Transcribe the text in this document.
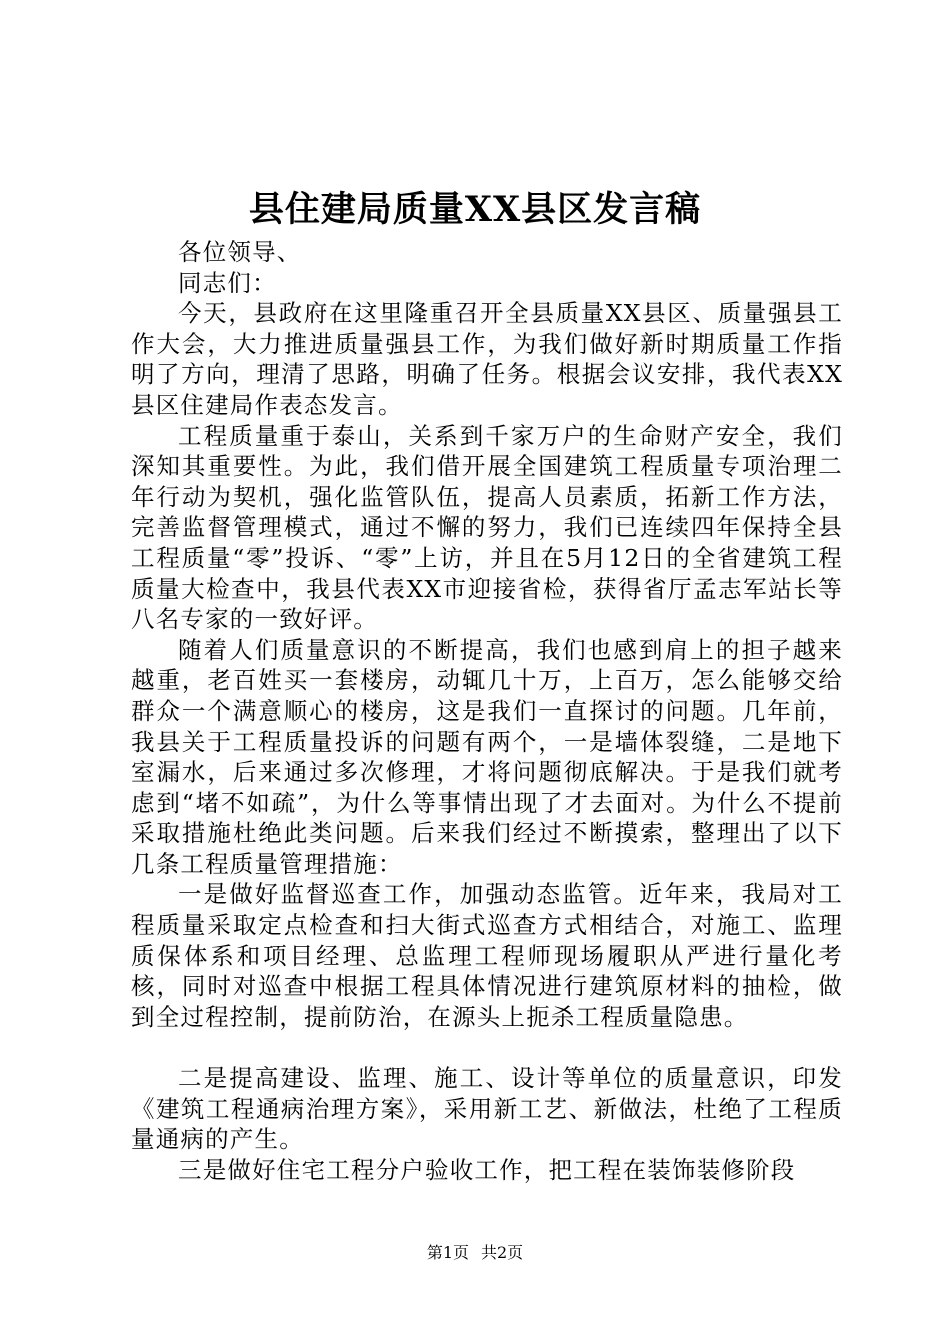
县住建局质量XX县区发言稿

各位领导、

同志们：

今天，县政府在这里隆重召开全县质量XX县区、质量强县工作大会，大力推进质量强县工作，为我们做好新时期质量工作指明了方向，理清了思路，明确了任务。根据会议安排，我代表XX县区住建局作表态发言。

工程质量重于泰山，关系到千家万户的生命财产安全，我们深知其重要性。为此，我们借开展全国建筑工程质量专项治理二年行动为契机，强化监管队伍，提高人员素质，拓新工作方法，完善监督管理模式，通过不懈的努力，我们已连续四年保持全县工程质量“零”投诉、“零”上访，并且在5月12日的全省建筑工程质量大检查中，我县代表XX市迎接省检，获得省厅孟志军站长等八名专家的一致好评。

随着人们质量意识的不断提高，我们也感到肩上的担子越来越重，老百姓买一套楼房，动辄几十万，上百万，怎么能够交给群众一个满意顺心的楼房，这是我们一直探讨的问题。几年前，我县关于工程质量投诉的问题有两个，一是墙体裂缝，二是地下室漏水，后来通过多次修理，才将问题彻底解决。于是我们就考虑到“堵不如疏”，为什么等事情出现了才去面对。为什么不提前采取措施杜绝此类问题。后来我们经过不断摸索，整理出了以下几条工程质量管理措施：

一是做好监督巡查工作，加强动态监管。近年来，我局对工程质量采取定点检查和扫大街式巡查方式相结合，对施工、监理质保体系和项目经理、总监理工程师现场履职从严进行量化考核，同时对巡查中根据工程具体情况进行建筑原材料的抽检，做到全过程控制，提前防治，在源头上扼杀工程质量隐患。

二是提高建设、监理、施工、设计等单位的质量意识，印发《建筑工程通病治理方案》，采用新工艺、新做法，杜绝了工程质量通病的产生。

三是做好住宅工程分户验收工作，把工程在装饰装修阶段

第1页 共2页
